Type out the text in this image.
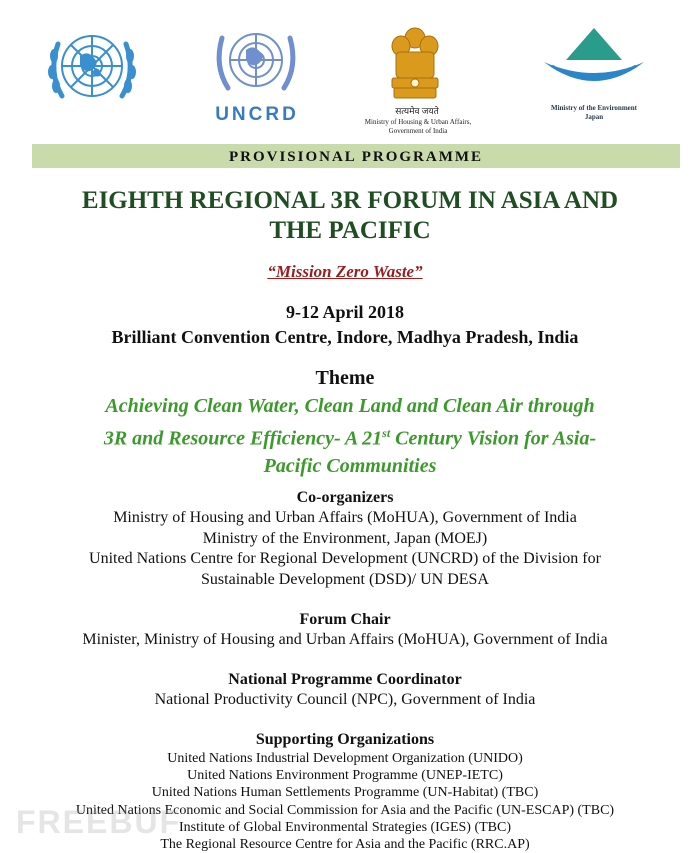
UNCRD	सत्यमेव जयते
Ministry of Housing & Urban Affairs,
Government of India
Ministry of the Environment
Japan
PROVISIONAL PROGRAMME
EIGHTH REGIONAL 3R FORUM IN ASIA AND
THE PACIFIC
“Mission Zero Waste”
9-12 April 2018
Brilliant Convention Centre, Indore, Madhya Pradesh, India
Theme
Achieving Clean Water, Clean Land and Clean Air through
3R and Resource Efficiency- A 21st Century Vision for Asia-
Pacific Communities
Co-organizers
Ministry of Housing and Urban Affairs (MoHUA), Government of India
Ministry of the Environment, Japan (MOEJ)
United Nations Centre for Regional Development (UNCRD) of the Division for
Sustainable Development (DSD)/ UN DESA
Forum Chair
Minister, Ministry of Housing and Urban Affairs (MoHUA), Government of India
National Programme Coordinator
National Productivity Council (NPC), Government of India
Supporting Organizations
United Nations Industrial Development Organization (UNIDO)
United Nations Environment Programme (UNEP-IETC)
United Nations Human Settlements Programme (UN-Habitat) (TBC)
United Nations Economic and Social Commission for Asia and the Pacific (UN-ESCAP) (TBC)
Institute of Global Environmental Strategies (IGES) (TBC)
The Regional Resource Centre for Asia and the Pacific (RRC.AP)
FREEBUF
